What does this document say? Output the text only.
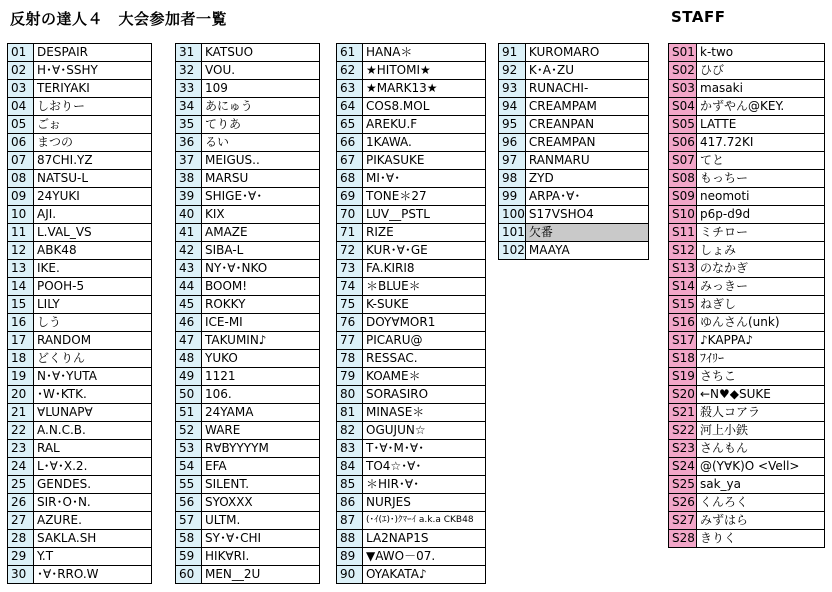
反射の達人４　大会参加者一覧	STAFF
01	DESPAIR
02	H･∀･SSHY
03	TERIYAKI
04	しおりー
05	ごぉ
06	まつの
07	87CHI.YZ
08	NATSU-L
09	24YUKI
10	AJI.
11	L.VAL_VS
12	ABK48
13	IKE.
14	POOH-5
15	LILY
16	しう
17	RANDOM
18	どくりん
19	N･∀･YUTA
20	･W･KTK.
21	∀LUNAP∀
22	A.N.C.B.
23	RAL
24	L･∀･X.2.
25	GENDES.
26	SIR･O･N.
27	AZURE.
28	SAKLA.SH
29	Y.T
30	･∀･RRO.W
31	KATSUO
32	VOU.
33	109
34	あにゅう
35	てりあ
36	るい
37	MEIGUS..
38	MARSU
39	SHIGE･∀･
40	KIX
41	AMAZE
42	SIBA-L
43	NY･∀･NKO
44	BOOM!
45	ROKKY
46	ICE-MI
47	TAKUMIN♪
48	YUKO
49	1121
50	106.
51	24YAMA
52	WARE
53	R∀BYYYYM
54	EFA
55	SILENT.
56	SYOXXX
57	ULTM.
58	SY･∀･CHI
59	HIK∀RI.
60	MEN__2U
61	HANA＊
62	★HITOMI★
63	★MARK13★
64	COS8.MOL
65	AREKU.F
66	1KAWA.
67	PIKASUKE
68	MI･∀･
69	TONE＊27
70	LUV__PSTL
71	RIZE
72	KUR･∀･GE
73	FA.KIRI8
74	＊BLUE＊
75	K-SUKE
76	DOY∀MOR1
77	PICARU@
78	RESSAC.
79	KOAME＊
80	SORASIRO
81	MINASE＊
82	OGUJUN☆
83	T･∀･M･∀･
84	TO4☆･∀･
85	＊HIR･∀･
86	NURJES
87	(･ｲ(ｴ)･)ｸﾏｰｲ a.k.a CKB48
88	LA2NAP1S
89	▼AWO－07.
90	OYAKATA♪
91	KUROMARO
92	K･A･ZU
93	RUNACHI-
94	CREAMPAM
95	CREANPAN
96	CREAMPAN
97	RANMARU
98	ZYD
99	ARPA･∀･
100	S17VSHO4
101	欠番
102	MAAYA
S01	k-two
S02	ひび
S03	masaki
S04	かずやん@KEY.
S05	LATTE
S06	417.72KI
S07	てと
S08	もっちー
S09	neomoti
S10	p6p-d9d
S11	ミチロー
S12	しょみ
S13	のなかぎ
S14	みっきー
S15	ねぎし
S16	ゆんさん(unk)
S17	♪KAPPA♪
S18	ﾌｲﾘｰ
S19	さちこ
S20	←N♥◆SUKE
S21	殺人コアラ
S22	河上小鉄
S23	さんもん
S24	@(Y∀K)O <Vell>
S25	sak_ya
S26	くんろく
S27	みずはら
S28	きりく
